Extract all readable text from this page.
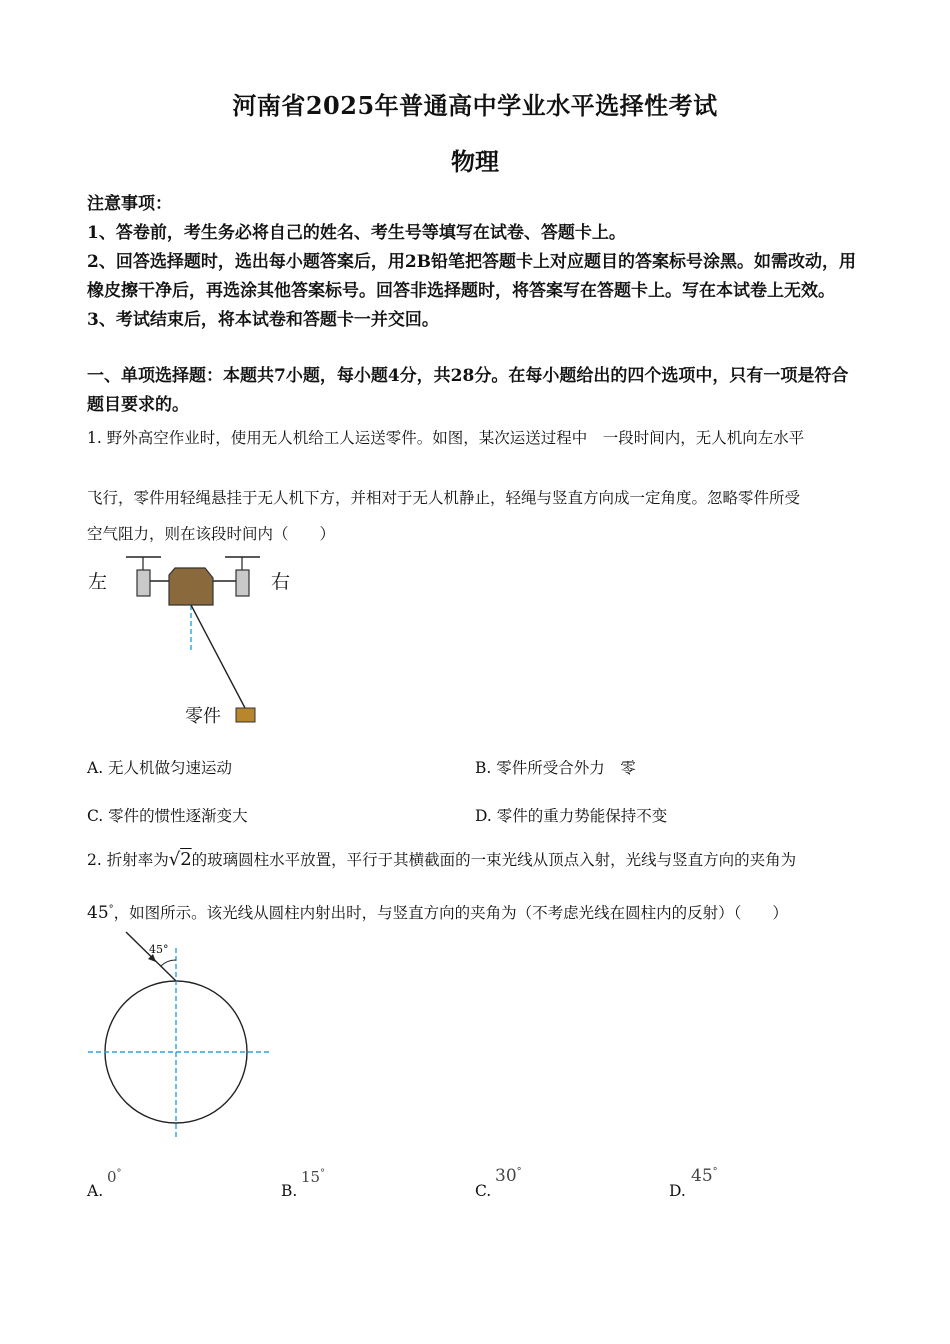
河南省2025年普通高中学业水平选择性考试
物理

注意事项：

1、答卷前，考生务必将自己的姓名、考生号等填写在试卷、答题卡上。

2、回答选择题时，选出每小题答案后，用2B铅笔把答题卡上对应题目的答案标号涂黑。如需改动，用橡皮擦干净后，再选涂其他答案标号。回答非选择题时，将答案写在答题卡上。写在本试卷上无效。

3、考试结束后，将本试卷和答题卡一并交回。

一、单项选择题：本题共7小题，每小题4分，共28分。在每小题给出的四个选项中，只有一项是符合题目要求的。
1. 野外高空作业时，使用无人机给工人运送零件。如图，某次运送过程中　一段时间内，无人机向左水平
飞行，零件用轻绳悬挂于无人机下方，并相对于无人机静止，轻绳与竖直方向成一定角度。忽略零件所受
空气阻力，则在该段时间内（　　）
左	右
零件
A. 无人机做匀速运动	B. 零件所受合外力　零
C. 零件的惯性逐渐变大	D. 零件的重力势能保持不变
2. 折射率为√2的玻璃圆柱水平放置，平行于其横截面的一束光线从顶点入射，光线与竖直方向的夹角为
45°，如图所示。该光线从圆柱内射出时，与竖直方向的夹角为（不考虑光线在圆柱内的反射）（　　）
45°
A.
0°
B.
15°
C.
30°
D.
45°
